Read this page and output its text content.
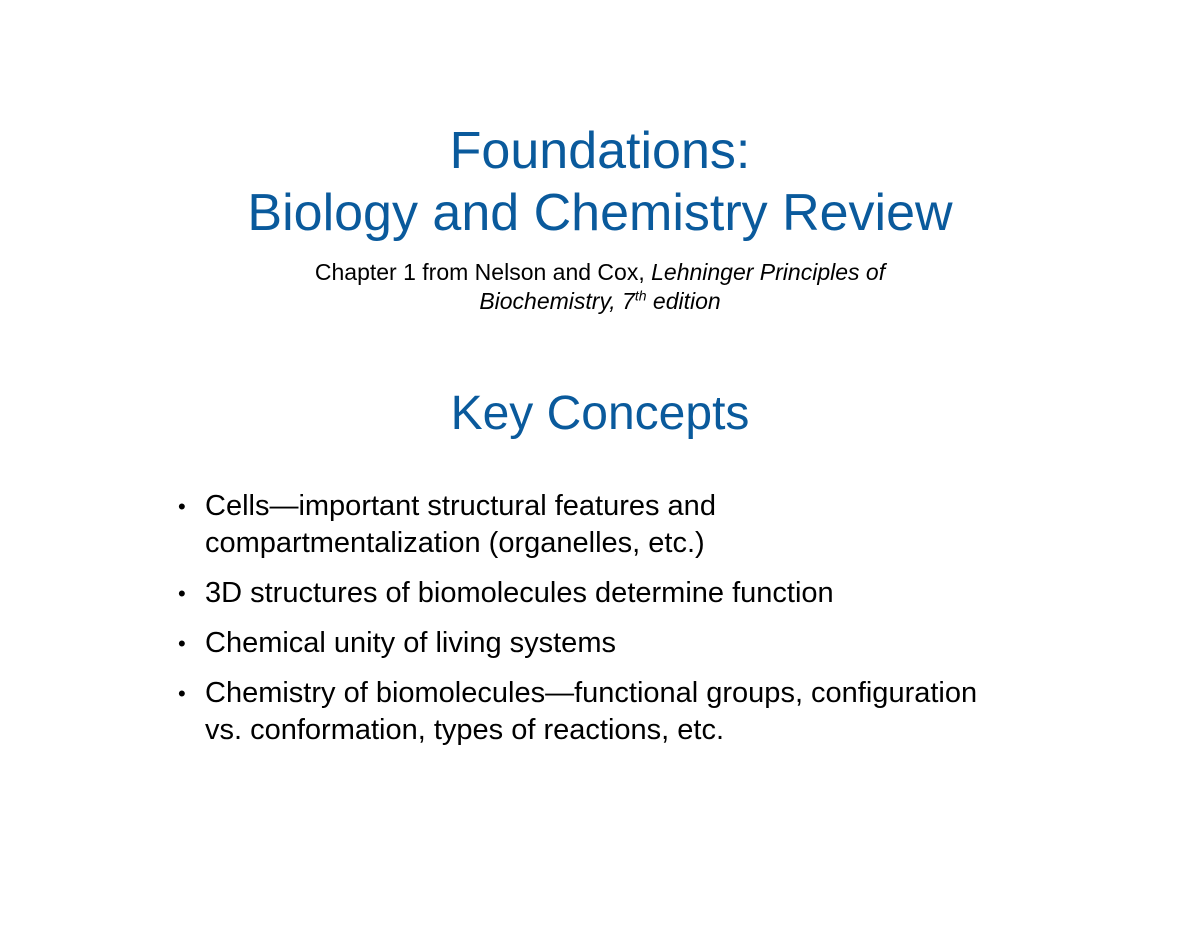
Foundations:
Biology and Chemistry Review
Chapter 1 from Nelson and Cox, Lehninger Principles of
Biochemistry, 7th edition
Key Concepts
• Cells—important structural features and
compartmentalization (organelles, etc.)
• 3D structures of biomolecules determine function
• Chemical unity of living systems
• Chemistry of biomolecules—functional groups, configuration
vs. conformation, types of reactions, etc.
